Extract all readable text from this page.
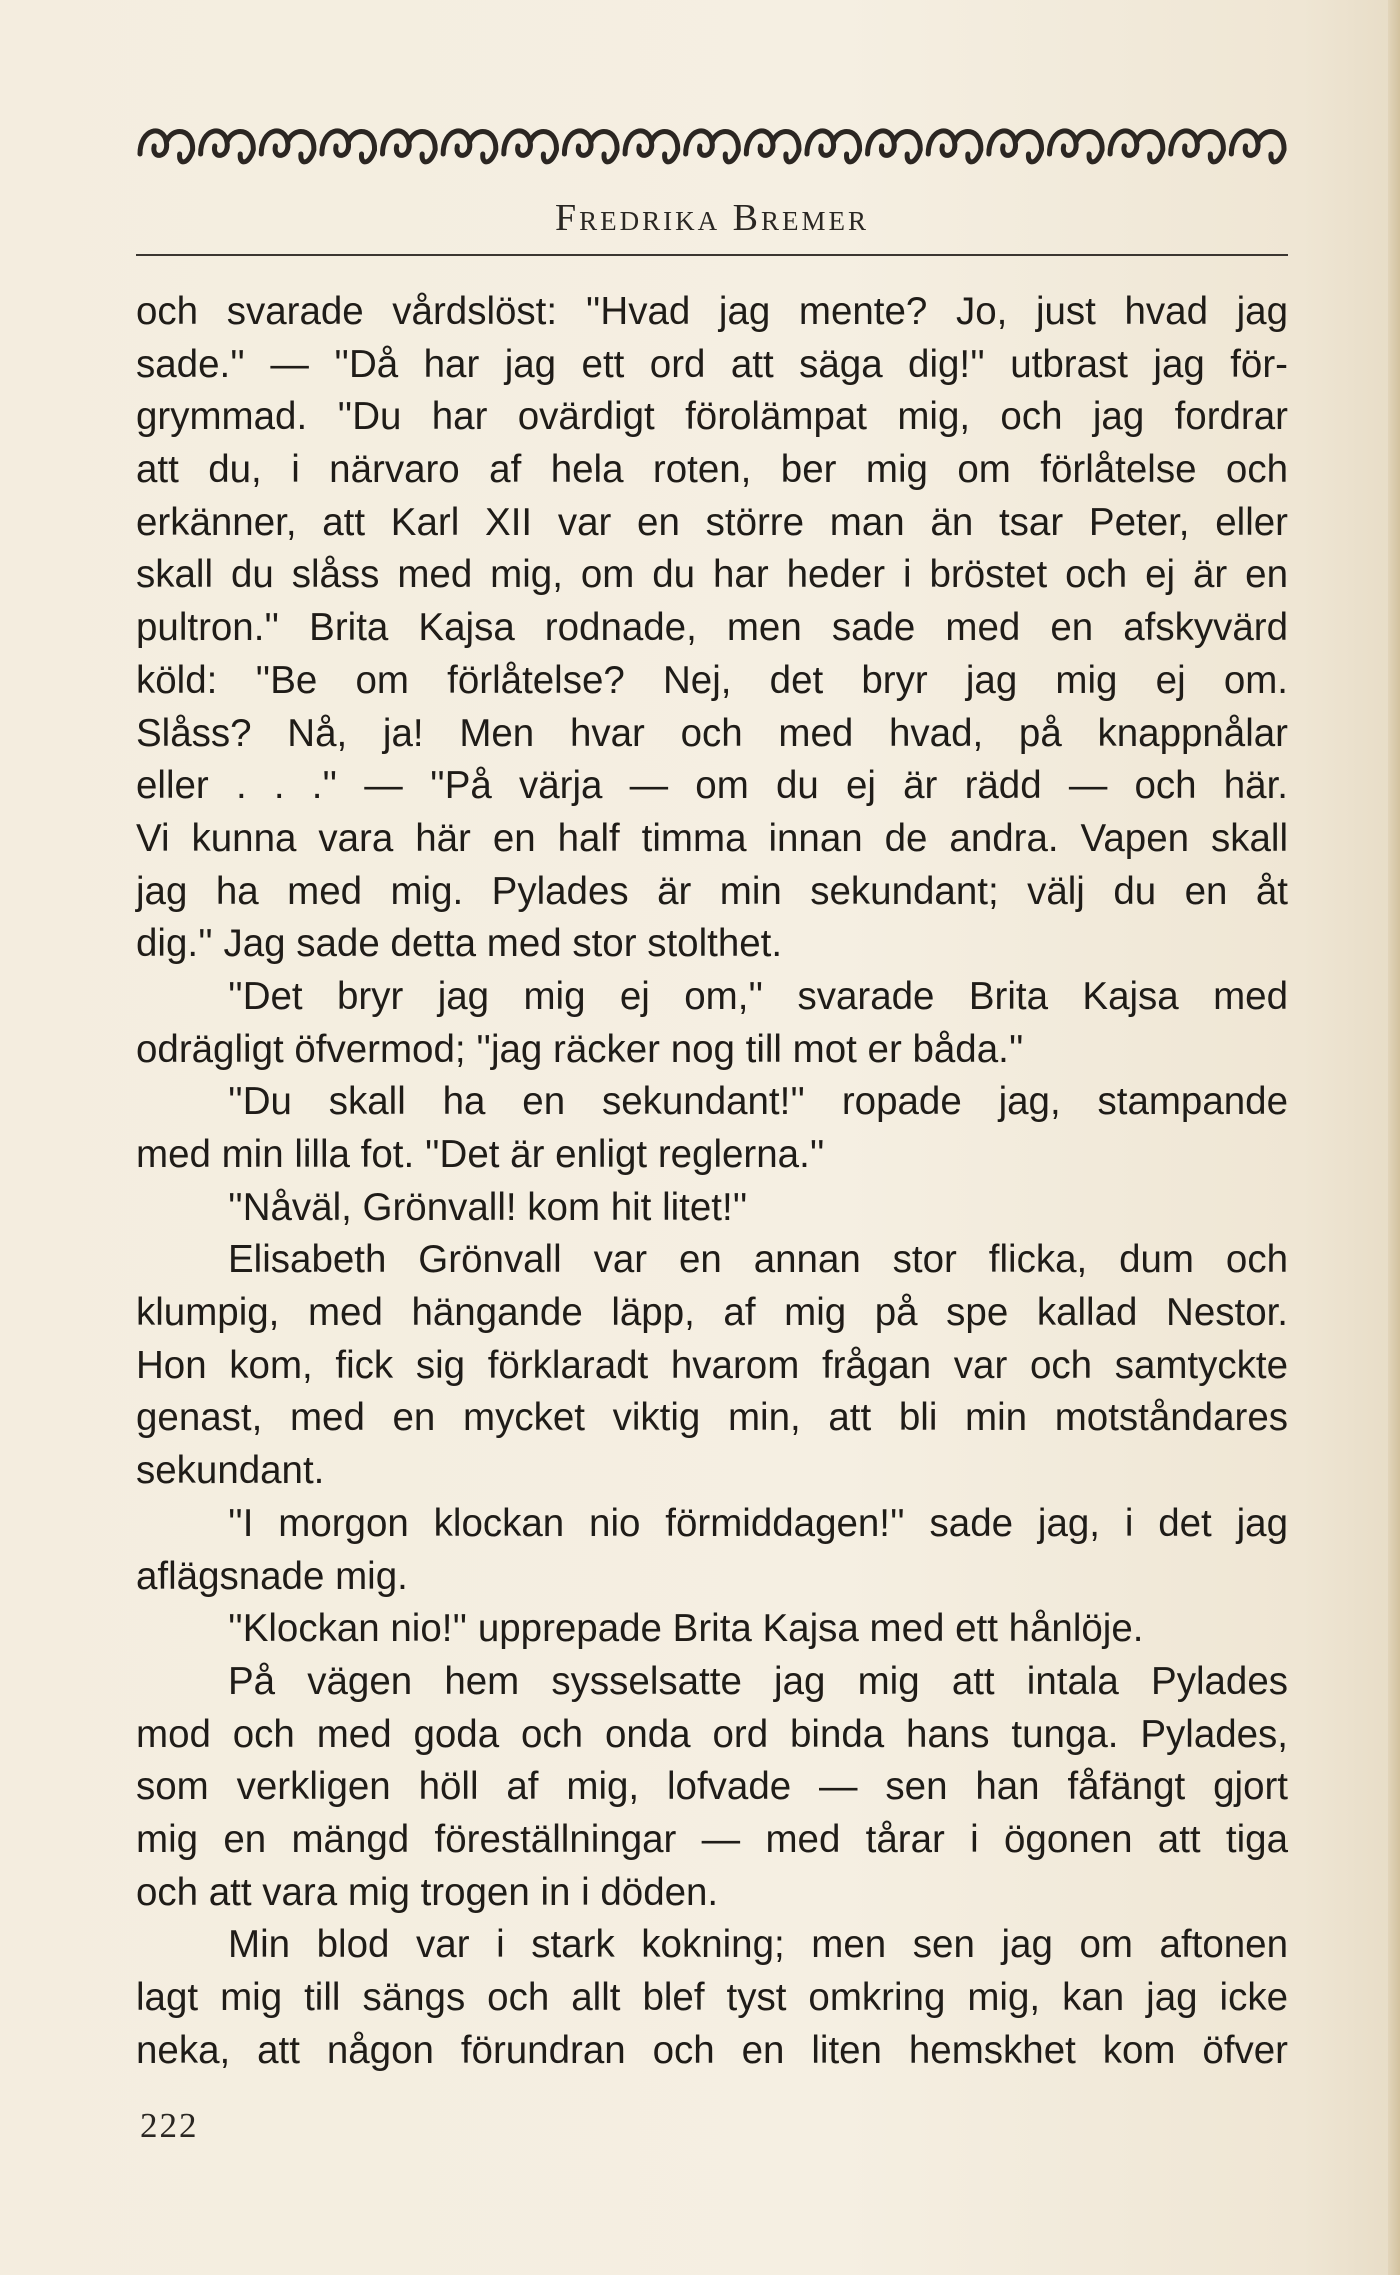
Fredrika Bremer
och svarade vårdslöst: ''Hvad jag mente? Jo, just hvad jag
sade.'' — ''Då har jag ett ord att säga dig!'' utbrast jag för-
grymmad. ''Du har ovärdigt förolämpat mig, och jag fordrar
att du, i närvaro af hela roten, ber mig om förlåtelse och
erkänner, att Karl XII var en större man än tsar Peter, eller
skall du slåss med mig, om du har heder i bröstet och ej är en
pultron.'' Brita Kajsa rodnade, men sade med en afskyvärd
köld: ''Be om förlåtelse? Nej, det bryr jag mig ej om.
Slåss? Nå, ja! Men hvar och med hvad, på knappnålar
eller . . .'' — ''På värja — om du ej är rädd — och här.
Vi kunna vara här en half timma innan de andra. Vapen skall
jag ha med mig. Pylades är min sekundant; välj du en åt
dig.'' Jag sade detta med stor stolthet.
''Det bryr jag mig ej om,'' svarade Brita Kajsa med
odrägligt öfvermod; ''jag räcker nog till mot er båda.''
''Du skall ha en sekundant!'' ropade jag, stampande
med min lilla fot. ''Det är enligt reglerna.''
''Nåväl, Grönvall! kom hit litet!''
Elisabeth Grönvall var en annan stor flicka, dum och
klumpig, med hängande läpp, af mig på spe kallad Nestor.
Hon kom, fick sig förklaradt hvarom frågan var och samtyckte
genast, med en mycket viktig min, att bli min motståndares
sekundant.
''I morgon klockan nio förmiddagen!'' sade jag, i det jag
aflägsnade mig.
''Klockan nio!'' upprepade Brita Kajsa med ett hånlöje.
På vägen hem sysselsatte jag mig att intala Pylades
mod och med goda och onda ord binda hans tunga. Pylades,
som verkligen höll af mig, lofvade — sen han fåfängt gjort
mig en mängd föreställningar — med tårar i ögonen att tiga
och att vara mig trogen in i döden.
Min blod var i stark kokning; men sen jag om aftonen
lagt mig till sängs och allt blef tyst omkring mig, kan jag icke
neka, att någon förundran och en liten hemskhet kom öfver
222
